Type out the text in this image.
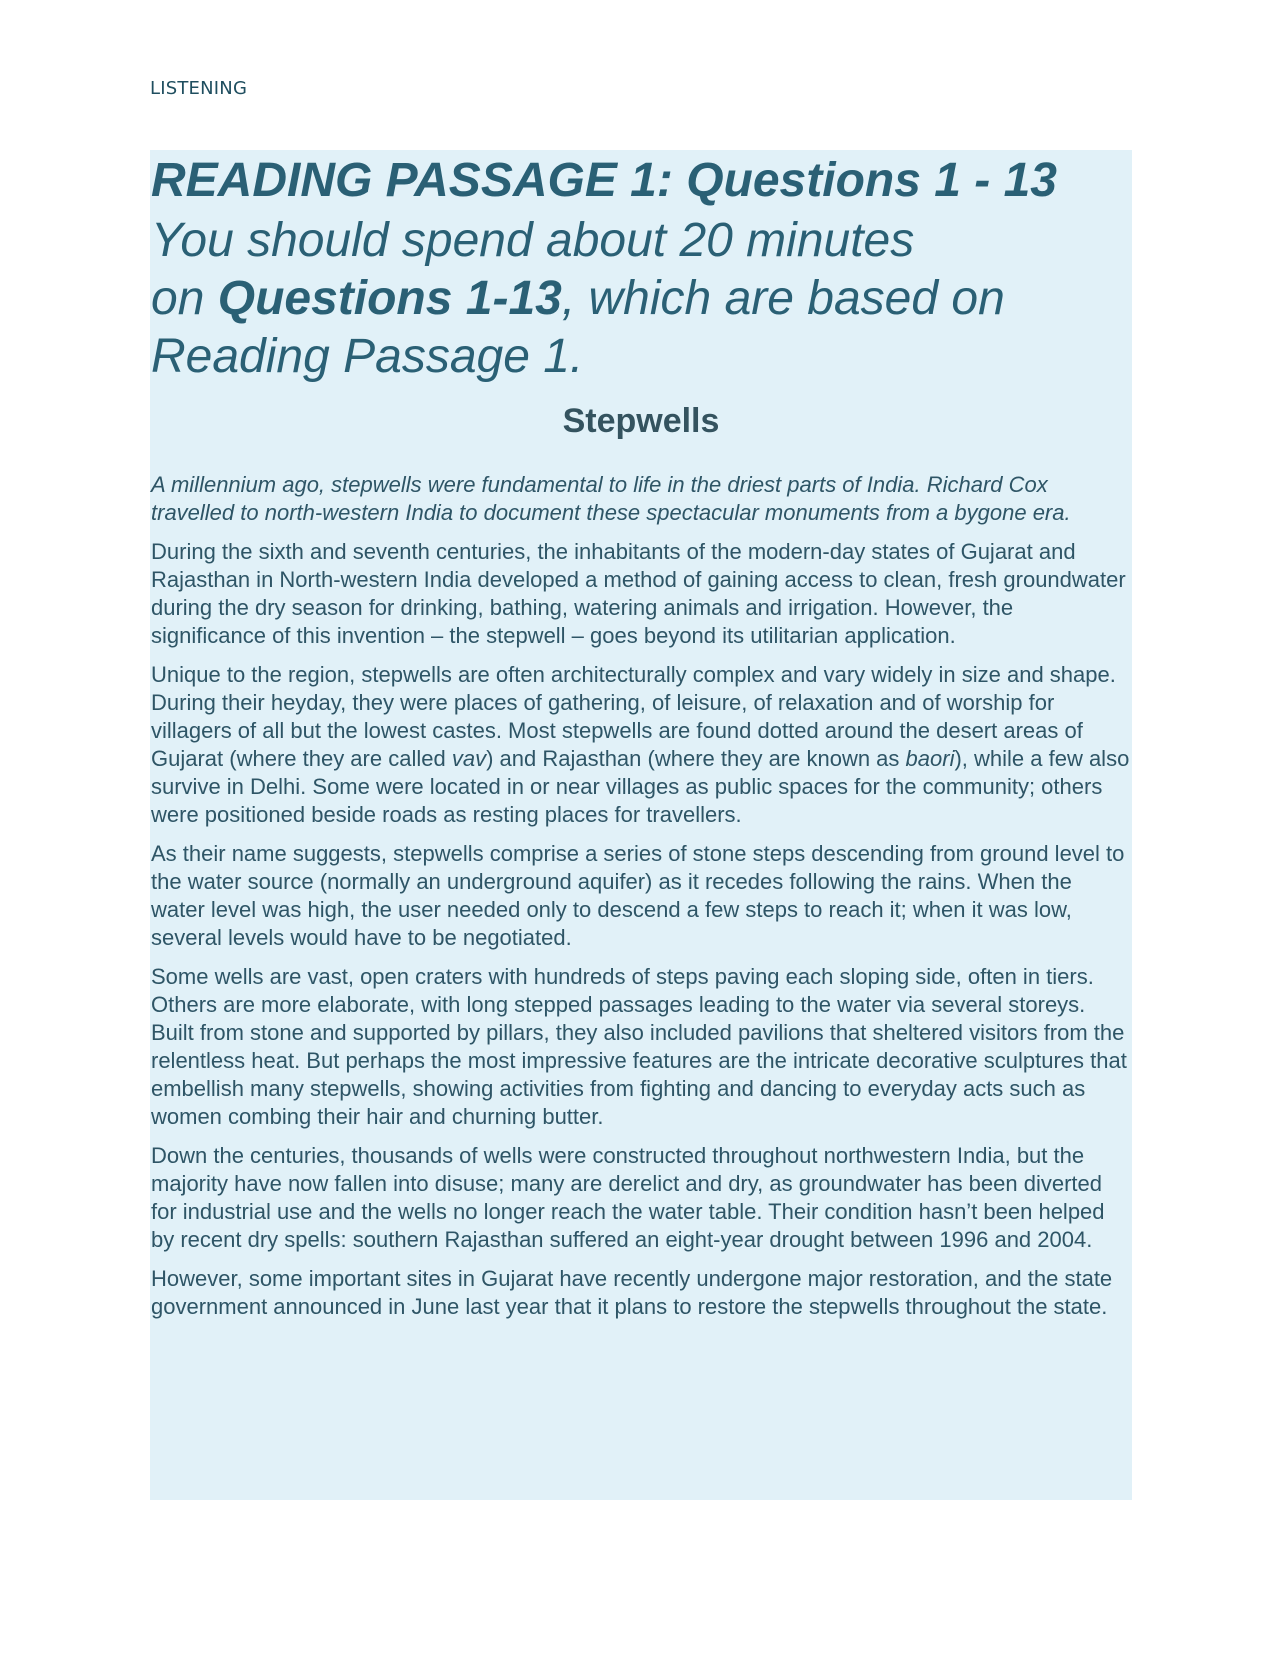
LISTENING
READING PASSAGE 1: Questions 1 - 13

You should spend about 20 minutes
on Questions 1-13, which are based on
Reading Passage 1.

Stepwells

A millennium ago, stepwells were fundamental to life in the driest parts of India. Richard Cox travelled to north-western India to document these spectacular monuments from a bygone era.

During the sixth and seventh centuries, the inhabitants of the modern-day states of Gujarat and Rajasthan in North-western India developed a method of gaining access to clean, fresh groundwater during the dry season for drinking, bathing, watering animals and irrigation. However, the significance of this invention – the stepwell – goes beyond its utilitarian application.

Unique to the region, stepwells are often architecturally complex and vary widely in size and shape. During their heyday, they were places of gathering, of leisure, of relaxation and of worship for villagers of all but the lowest castes. Most stepwells are found dotted around the desert areas of Gujarat (where they are called vav) and Rajasthan (where they are known as baori), while a few also survive in Delhi. Some were located in or near villages as public spaces for the community; others were positioned beside roads as resting places for travellers.

As their name suggests, stepwells comprise a series of stone steps descending from ground level to the water source (normally an underground aquifer) as it recedes following the rains. When the water level was high, the user needed only to descend a few steps to reach it; when it was low, several levels would have to be negotiated.

Some wells are vast, open craters with hundreds of steps paving each sloping side, often in tiers. Others are more elaborate, with long stepped passages leading to the water via several storeys. Built from stone and supported by pillars, they also included pavilions that sheltered visitors from the relentless heat. But perhaps the most impressive features are the intricate decorative sculptures that embellish many stepwells, showing activities from fighting and dancing to everyday acts such as women combing their hair and churning butter.

Down the centuries, thousands of wells were constructed throughout northwestern India, but the majority have now fallen into disuse; many are derelict and dry, as groundwater has been diverted for industrial use and the wells no longer reach the water table. Their condition hasn’t been helped by recent dry spells: southern Rajasthan suffered an eight-year drought between 1996 and 2004.

However, some important sites in Gujarat have recently undergone major restoration, and the state government announced in June last year that it plans to restore the stepwells throughout the state.
